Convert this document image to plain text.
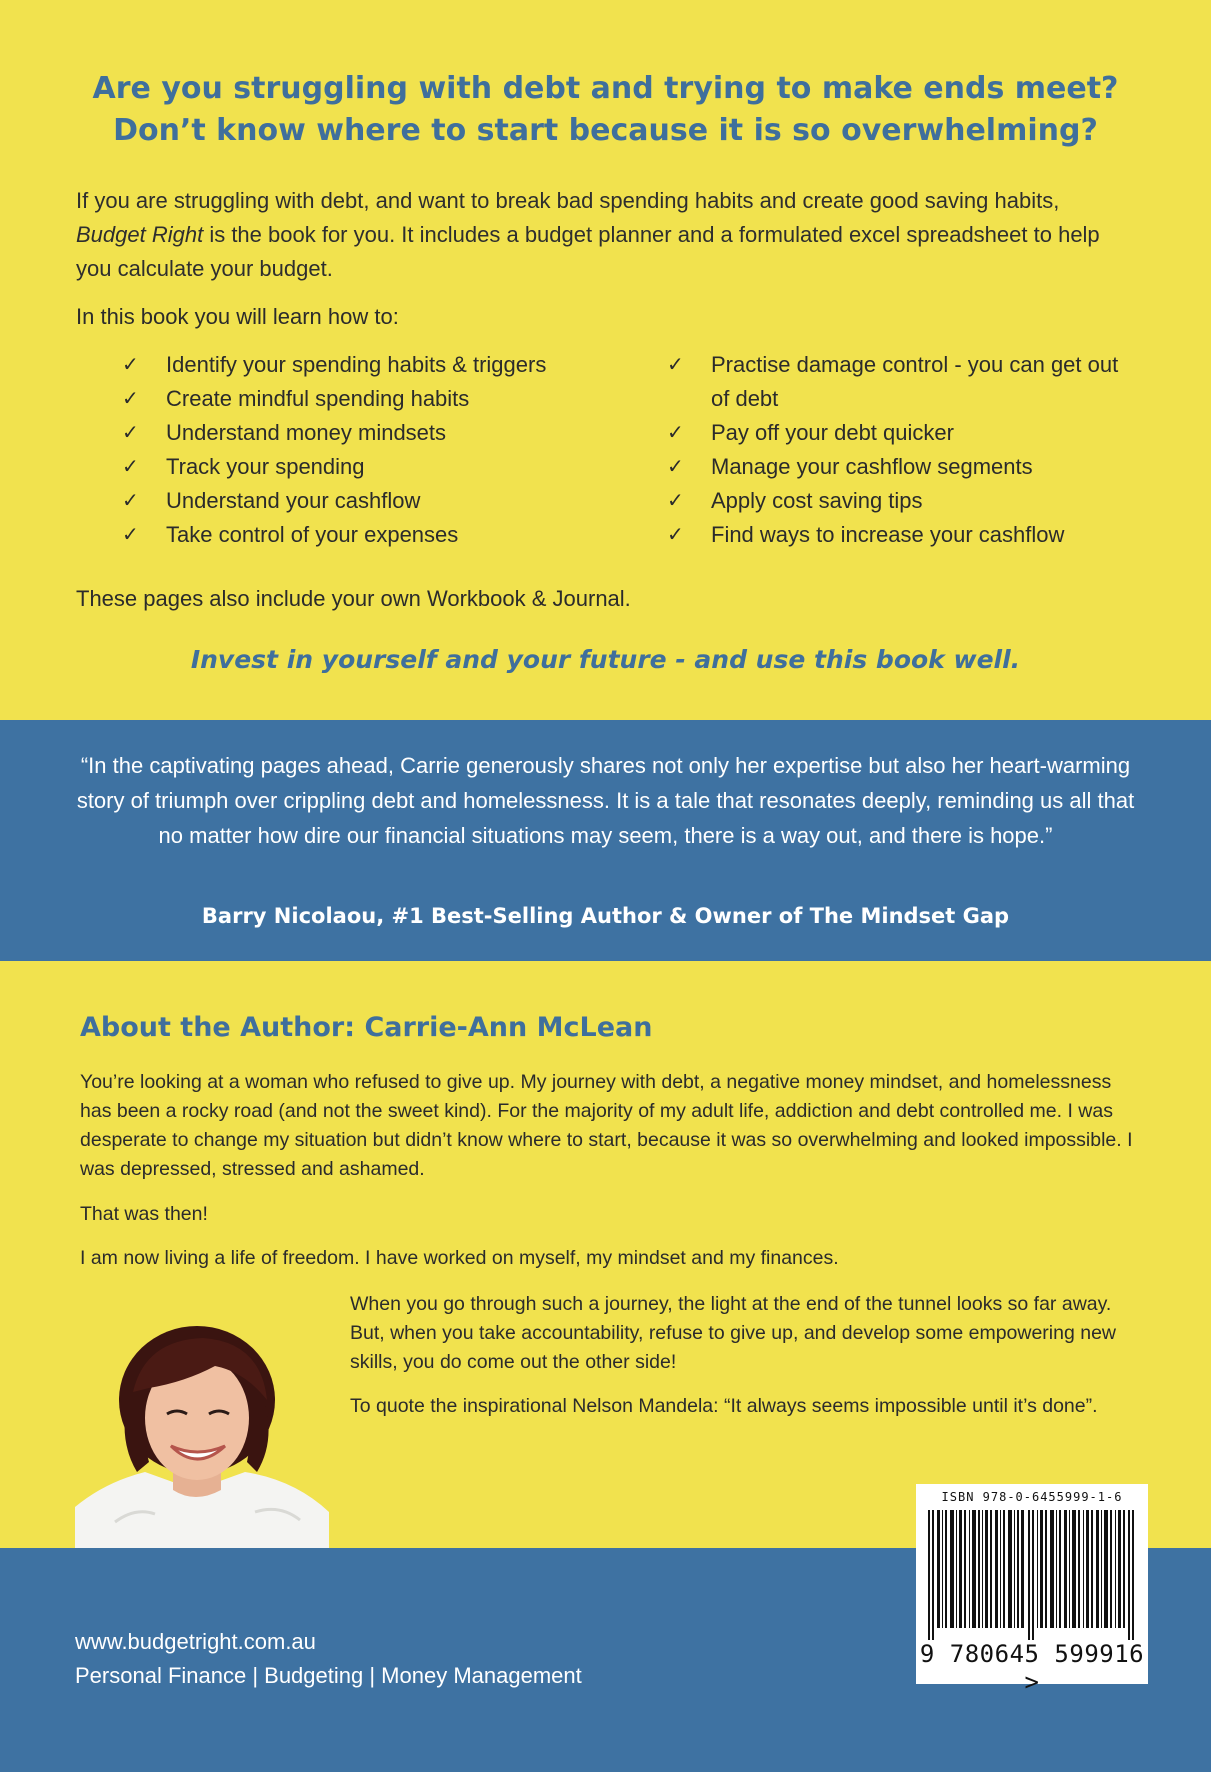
Are you struggling with debt and trying to make ends meet?
Don’t know where to start because it is so overwhelming?
If you are struggling with debt, and want to break bad spending habits and create good saving habits, Budget Right is the book for you. It includes a budget planner and a formulated excel spreadsheet to help you calculate your budget.
In this book you will learn how to:
✓ Identify your spending habits & triggers
✓ Create mindful spending habits
✓ Understand money mindsets
✓ Track your spending
✓ Understand your cashflow
✓ Take control of your expenses
✓ Practise damage control - you can get out of debt
✓ Pay off your debt quicker
✓ Manage your cashflow segments
✓ Apply cost saving tips
✓ Find ways to increase your cashflow
These pages also include your own Workbook & Journal.
Invest in yourself and your future - and use this book well.
“In the captivating pages ahead, Carrie generously shares not only her expertise but also her heart-warming story of triumph over crippling debt and homelessness. It is a tale that resonates deeply, reminding us all that no matter how dire our financial situations may seem, there is a way out, and there is hope.”
Barry Nicolaou, #1 Best-Selling Author & Owner of The Mindset Gap
About the Author: Carrie-Ann McLean
You’re looking at a woman who refused to give up. My journey with debt, a negative money mindset, and homelessness has been a rocky road (and not the sweet kind). For the majority of my adult life, addiction and debt controlled me. I was desperate to change my situation but didn’t know where to start, because it was so overwhelming and looked impossible. I was depressed, stressed and ashamed.
That was then!
I am now living a life of freedom. I have worked on myself, my mindset and my finances.
When you go through such a journey, the light at the end of the tunnel looks so far away. But, when you take accountability, refuse to give up, and develop some empowering new skills, you do come out the other side!
To quote the inspirational Nelson Mandela: “It always seems impossible until it’s done”.
www.budgetright.com.au
Personal Finance | Budgeting | Money Management
ISBN 978-0-6455999-1-6
9 780645 599916 >
